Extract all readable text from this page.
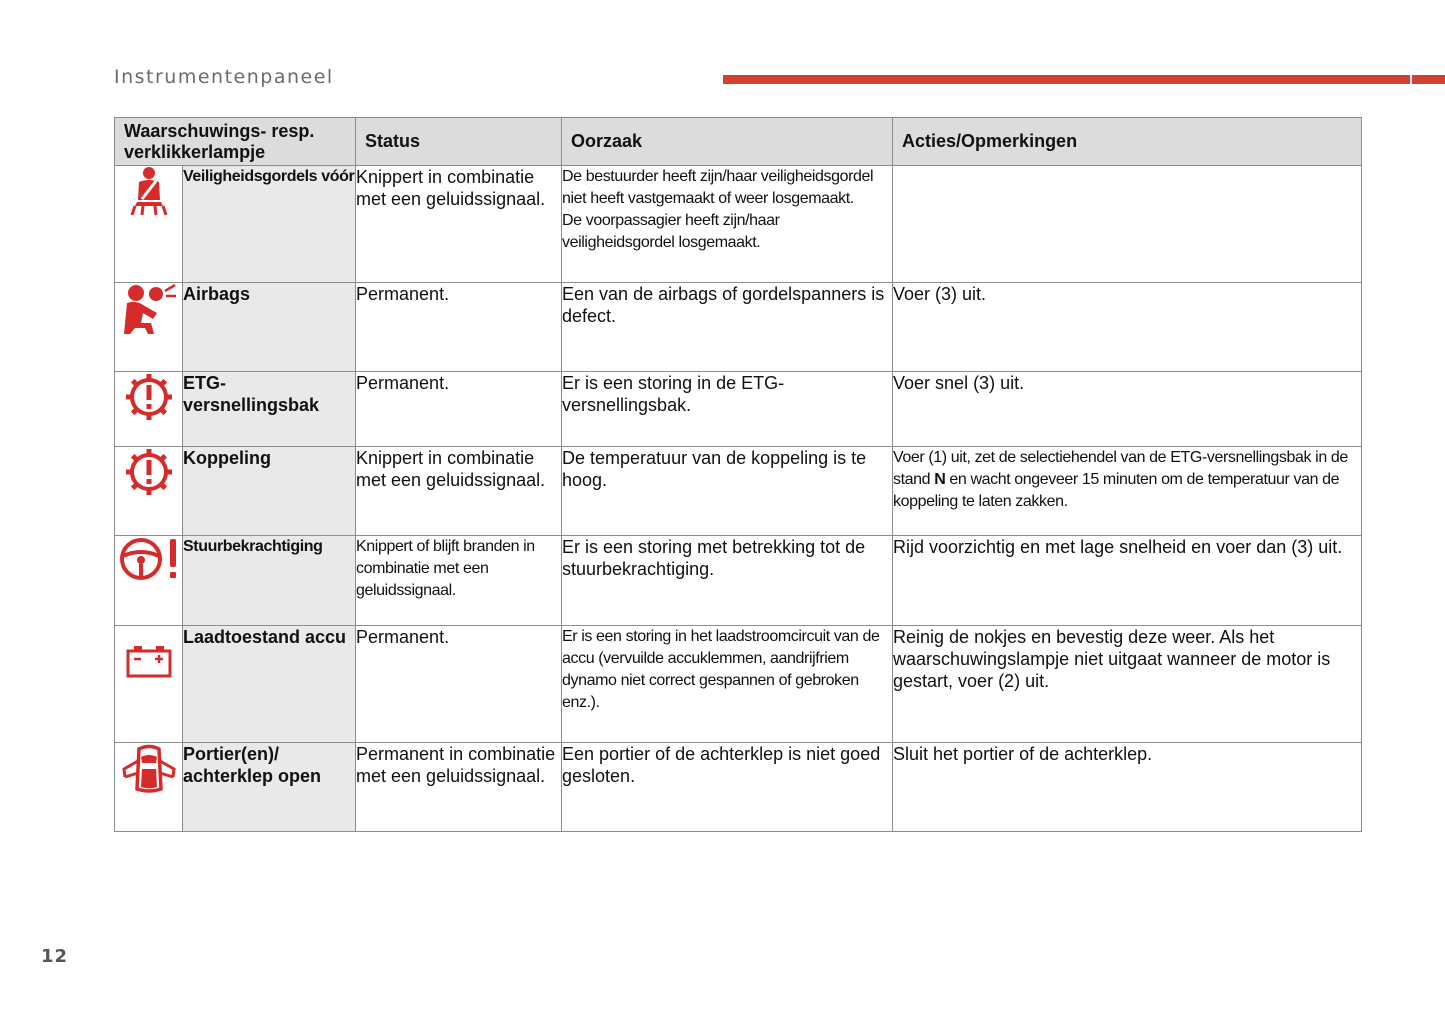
Instrumentenpaneel
Waarschuwings- resp. verklikkerlampje		Status	Oorzaak	Acties/Opmerkingen

	Veiligheidsgordels vóór	Knippert in combinatie met een geluidssignaal.	De bestuurder heeft zijn/haar veiligheidsgordel niet heeft vastgemaakt of weer losgemaakt.
De voorpassagier heeft zijn/haar veiligheidsgordel losgemaakt.	

	Airbags	Permanent.	Een van de airbags of gordelspanners is defect.	Voer (3) uit.

	ETG-versnellingsbak	Permanent.	Er is een storing in de ETG-versnellingsbak.	Voer snel (3) uit.

	Koppeling	Knippert in combinatie met een geluidssignaal.	De temperatuur van de koppeling is te hoog.	Voer (1) uit, zet de selectiehendel van de ETG-versnellingsbak in de stand N en wacht ongeveer 15 minuten om de temperatuur van de koppeling te laten zakken.

	Stuurbekrachtiging	Knippert of blijft branden in combinatie met een geluidssignaal.	Er is een storing met betrekking tot de stuurbekrachtiging.	Rijd voorzichtig en met lage snelheid en voer dan (3) uit.

	Laadtoestand accu	Permanent.	Er is een storing in het laadstroomcircuit van de accu (vervuilde accuklemmen, aandrijfriem dynamo niet correct gespannen of gebroken enz.).	Reinig de nokjes en bevestig deze weer. Als het waarschuwingslampje niet uitgaat wanneer de motor is gestart, voer (2) uit.

	Portier(en)/ achterklep open	Permanent in combinatie met een geluidssignaal.	Een portier of de achterklep is niet goed gesloten.	Sluit het portier of de achterklep.
12
